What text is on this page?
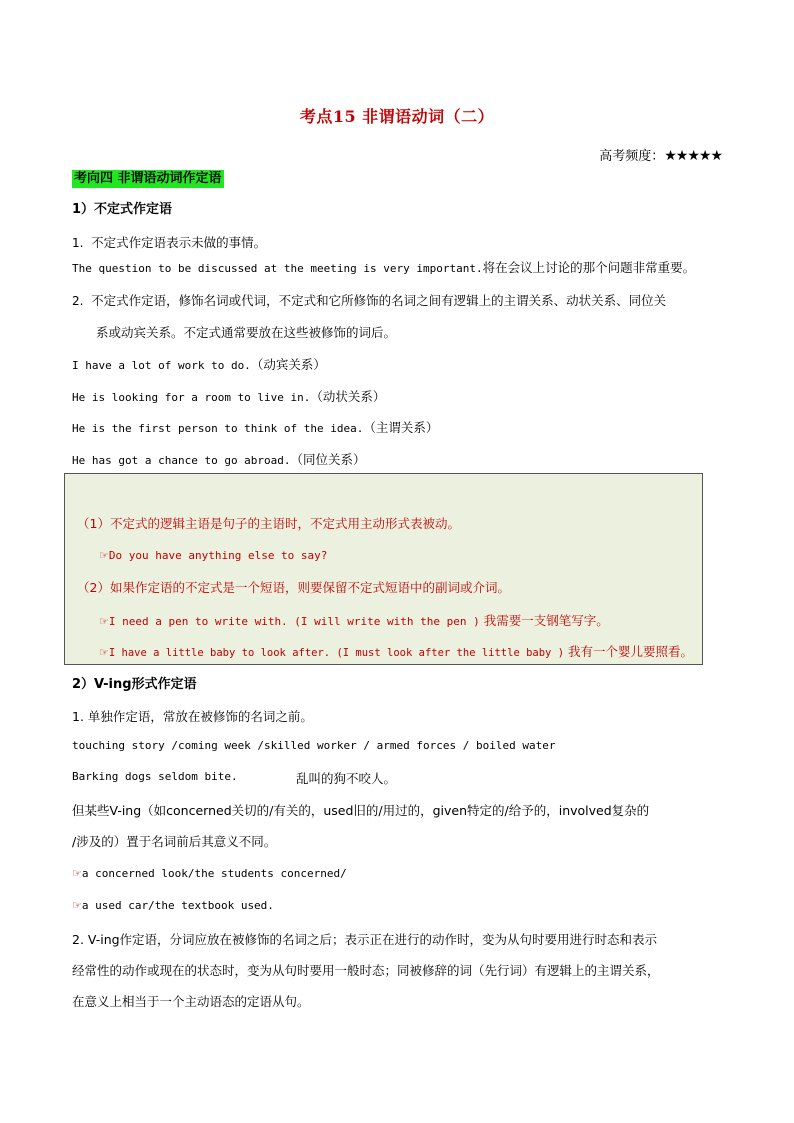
考点15 非谓语动词（二）
高考频度：★★★★★
考向四 非谓语动词作定语
1）不定式作定语
1. 不定式作定语表示未做的事情。
The question to be discussed at the meeting is very important.将在会议上讨论的那个问题非常重要。
2. 不定式作定语，修饰名词或代词，不定式和它所修饰的名词之间有逻辑上的主谓关系、动状关系、同位关
系或动宾关系。不定式通常要放在这些被修饰的词后。
I have a lot of work to do.（动宾关系）
He is looking for a room to live in.（动状关系）
He is the first person to think of the idea.（主谓关系）
He has got a chance to go abroad.（同位关系）
（1）不定式的逻辑主语是句子的主语时，不定式用主动形式表被动。
☞Do you have anything else to say?
（2）如果作定语的不定式是一个短语，则要保留不定式短语中的副词或介词。
☞I need a pen to write with. (I will write with the pen ) 我需要一支钢笔写字。
☞I have a little baby to look after. (I must look after the little baby ) 我有一个婴儿要照看。
2）V-ing形式作定语
1. 单独作定语，常放在被修饰的名词之前。
touching story /coming week /skilled worker / armed forces / boiled water
Barking dogs seldom bite.	乱叫的狗不咬人。
但某些V-ing（如concerned关切的/有关的，used旧的/用过的，given特定的/给予的，involved复杂的
/涉及的）置于名词前后其意义不同。
☞a concerned look/the students concerned/
☞a used car/the textbook used.
2. V-ing作定语，分词应放在被修饰的名词之后；表示正在进行的动作时，变为从句时要用进行时态和表示
经常性的动作或现在的状态时，变为从句时要用一般时态；同被修辞的词（先行词）有逻辑上的主谓关系，
在意义上相当于一个主动语态的定语从句。
